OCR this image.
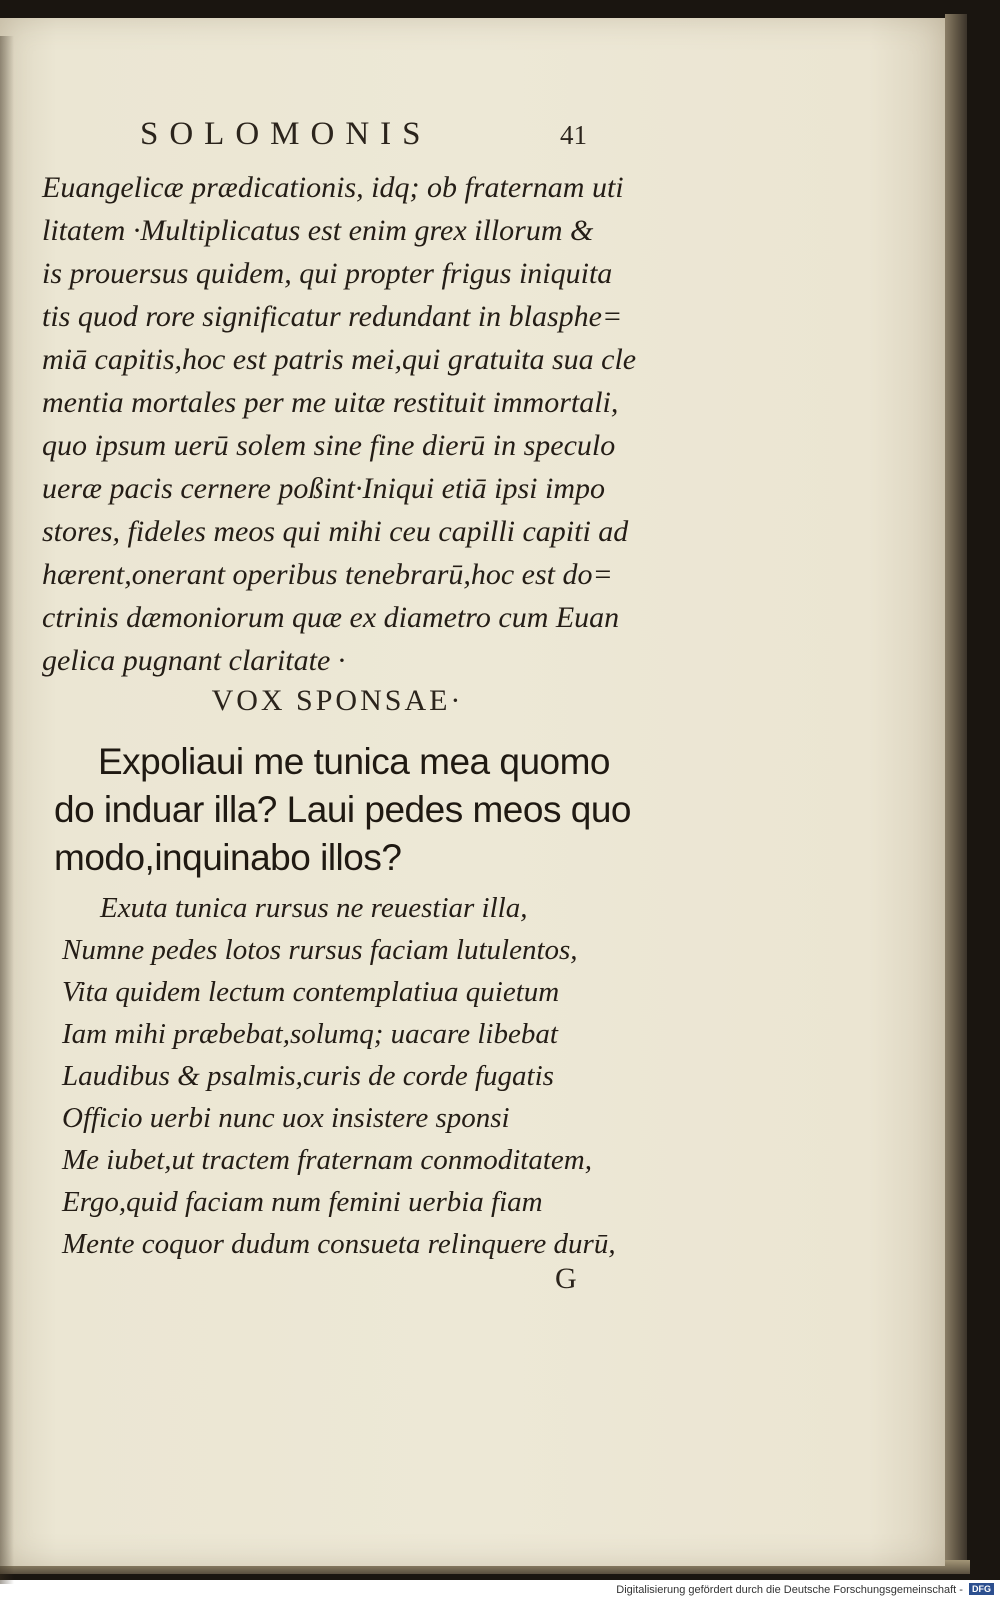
SOLOMONIS	41
Euangelicæ prædicationis, idq; ob fraternam uti
litatem ·Multiplicatus est enim grex illorum &
is prouersus quidem, qui propter frigus iniquita
tis quod rore significatur redundant in blasphe=
miā capitis,hoc est patris mei,qui gratuita sua cle
mentia mortales per me uitæ restituit immortali,
quo ipsum uerū solem sine fine dierū in speculo
ueræ pacis cernere poßint·Iniqui etiā ipsi impo
stores, fideles meos qui mihi ceu capilli capiti ad
hærent,onerant operibus tenebrarū,hoc est do=
ctrinis dæmoniorum quæ ex diametro cum Euan
gelica pugnant claritate ·
VOX SPONSAE·
Expoliaui me tunica mea quomo
do induar illa? Laui pedes meos quo
modo,inquinabo illos?
Exuta tunica rursus ne reuestiar illa,
Numne pedes lotos rursus faciam lutulentos,
Vita quidem lectum contemplatiua quietum
Iam mihi præbebat,solumq; uacare libebat
Laudibus & psalmis,curis de corde fugatis
Officio uerbi nunc uox insistere sponsi
Me iubet,ut tractem fraternam conmoditatem,
Ergo,quid faciam num femini uerbia fiam
Mente coquor dudum consueta relinquere durū,
G
Digitalisierung gefördert durch die Deutsche Forschungsgemeinschaft - DFG
